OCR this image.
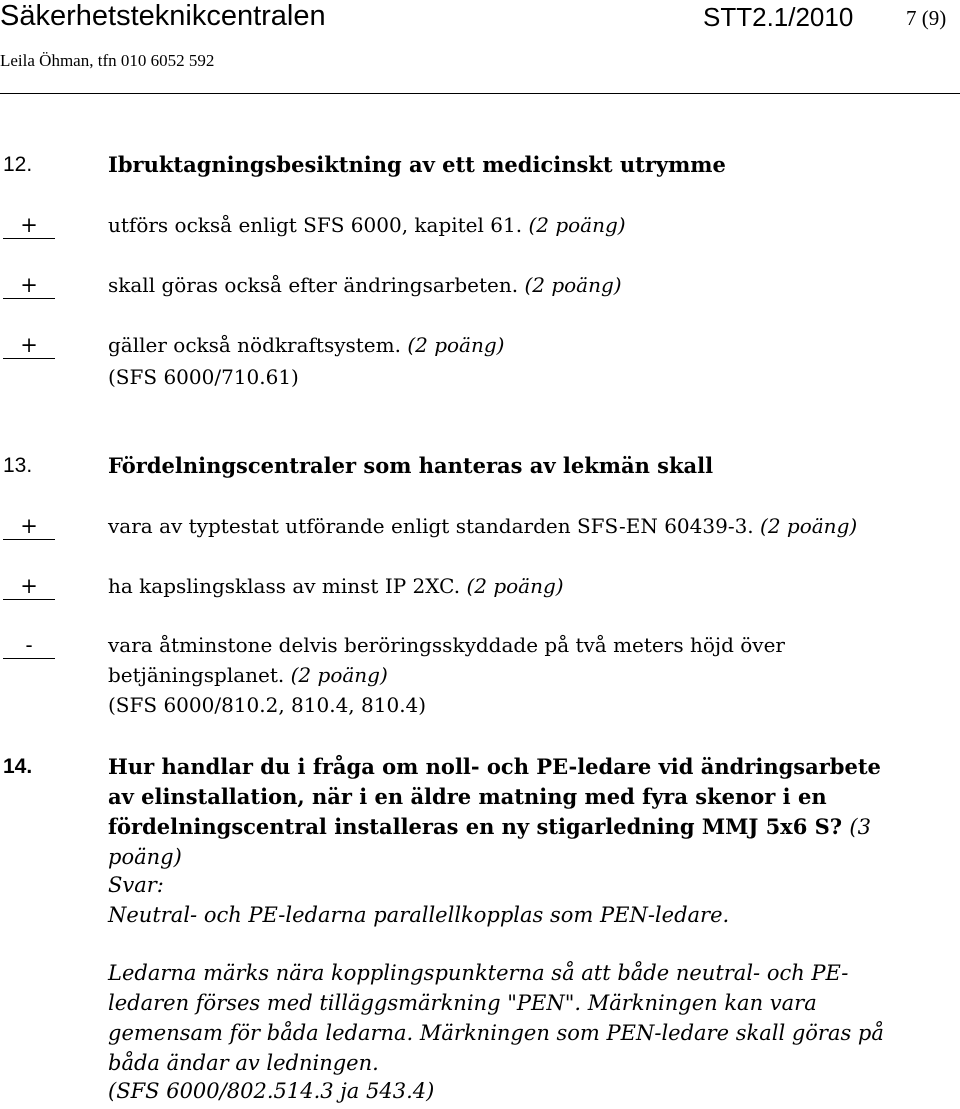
Säkerhetsteknikcentralen	STT2.1/2010	7 (9)
Leila Öhman, tfn 010 6052 592
12.	Ibruktagningsbesiktning av ett medicinskt utrymme
+	utförs också enligt SFS 6000, kapitel 61. (2 poäng)
+	skall göras också efter ändringsarbeten. (2 poäng)
+	gäller också nödkraftsystem. (2 poäng)
(SFS 6000/710.61)
13.	Fördelningscentraler som hanteras av lekmän skall
+	vara av typtestat utförande enligt standarden SFS-EN 60439-3. (2 poäng)
+	ha kapslingsklass av minst IP 2XC. (2 poäng)
-	vara åtminstone delvis beröringsskyddade på två meters höjd över
betjäningsplanet. (2 poäng)
(SFS 6000/810.2, 810.4, 810.4)
14.	Hur handlar du i fråga om noll- och PE-ledare vid ändringsarbete av elinstallation, när i en äldre matning med fyra skenor i en fördelningscentral installeras en ny stigarledning MMJ 5x6 S? (3 poäng)
Svar:
Neutral- och PE-ledarna parallellkopplas som PEN-ledare.
Ledarna märks nära kopplingspunkterna så att både neutral- och PE-ledaren förses med tilläggsmärkning "PEN". Märkningen kan vara gemensam för båda ledarna. Märkningen som PEN-ledare skall göras på båda ändar av ledningen.
(SFS 6000/802.514.3 ja 543.4)
